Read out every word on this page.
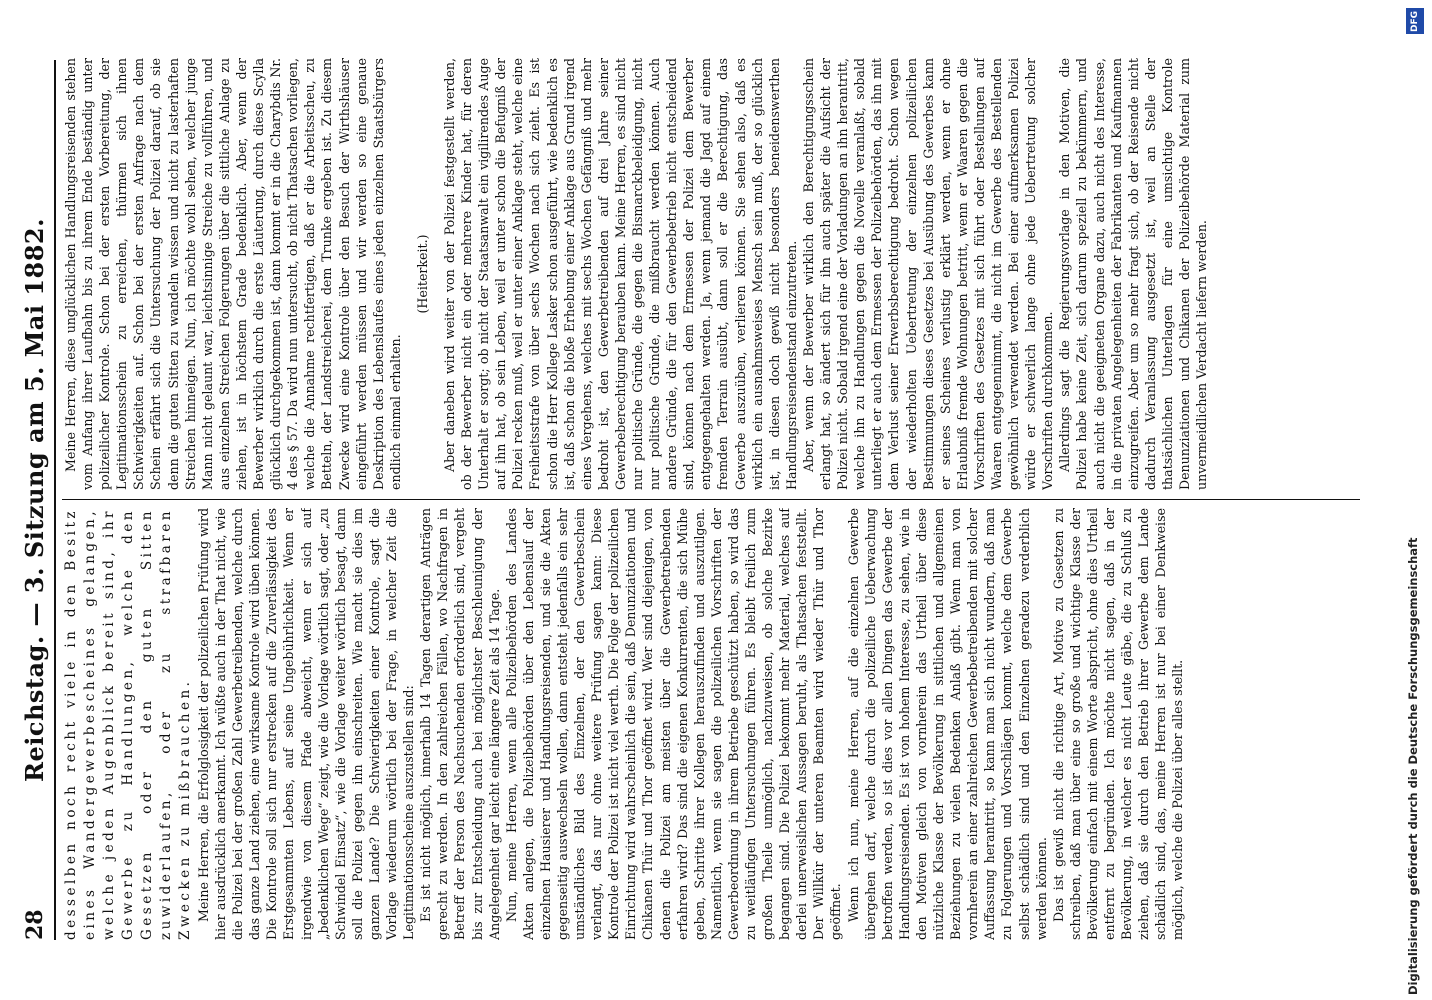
28
Reichstag. — 3. Sitzung am 5. Mai 1882. desselben noch recht viele in den Besitz eines Wandergewerbescheines gelangen, welche jeden Augenblick bereit sind, ihr Gewerbe zu Handlungen, welche den Gesetzen oder den guten Sitten zuwiderlaufen, oder zu strafbaren Zwecken zu mißbrauchen. Meine Herren, die Erfolglosigkeit der polizeilichen Prüfung wird hier ausdrücklich anerkannt. Ich wüßte auch in der That nicht, wie die Polizei bei der großen Zahl Gewerbetreibenden, welche durch das ganze Land ziehen, eine wirksame Kontrole wird üben können. Die Kontrole soll sich nur erstrecken auf die Zuverlässigkeit des Erstgesammten Lebens, auf seine Ungebührlichkeit. Wenn er irgendwie von diesem Pfade abweicht, wenn er sich auf „bedenklichen Wege“ zeigt, wie die Vorlage wörtlich sagt, oder „zu Schwindel Einsatz“, wie die Vorlage weiter wörtlich besagt, dann soll die Polizei gegen ihn einschreiten. Wie macht sie dies im ganzen Lande? Die Schwierigkeiten einer Kontrole, sagt die Vorlage wiederum wörtlich bei der Frage, in welcher Zeit die Legitimationsscheine auszustellen sind: Es ist nicht möglich, innerhalb 14 Tagen derartigen Anträgen gerecht zu werden. In den zahlreichen Fällen, wo Nachfragen in Betreff der Person des Nachsuchenden erforderlich sind, vergeht bis zur Entscheidung auch bei möglichster Beschleunigung der Angelegenheit gar leicht eine längere Zeit als 14 Tage. Nun, meine Herren, wenn alle Polizeibehörden des Landes Akten anlegen, die Polizeibehörden über den Lebenslauf der einzelnen Hausierer und Handlungsreisenden, und sie die Akten gegenseitig auswechseln wollen, dann entsteht jedenfalls ein sehr umständliches Bild des Einzelnen, der den Gewerbeschein verlangt, das nur ohne weitere Prüfung sagen kann: Diese Kontrole der Polizei ist nicht viel werth. Die Folge der polizeilichen Einrichtung wird wahrscheinlich die sein, daß Denunziationen und Chikanen Thür und Thor geöffnet wird. Wer sind diejenigen, von denen die Polizei am meisten über die Gewerbetreibenden erfahren wird? Das sind die eigenen Konkurrenten, die sich Mühe geben, Schritte ihrer Kollegen herauszufinden und auszutilgen. Namentlich, wenn sie sagen die polizeilichen Vorschriften der Gewerbeordnung in ihrem Betriebe geschützt haben, so wird das zu weitläufigen Untersuchungen führen. Es bleibt freilich zum großen Theile unmöglich, nachzuweisen, ob solche Bezirke begangen sind. Die Polizei bekommt mehr Material, welches auf derlei unerweislichen Aussagen beruht, als Thatsachen feststellt. Der Willkür der unteren Beamten wird wieder Thür und Thor geöffnet. Wenn ich nun, meine Herren, auf die einzelnen Gewerbe übergehen darf, welche durch die polizeiliche Ueberwachung betroffen werden, so ist dies vor allen Dingen das Gewerbe der Handlungsreisenden. Es ist von hohem Interesse, zu sehen, wie in den Motiven gleich von vornherein das Urtheil über diese nützliche Klasse der Bevölkerung in sittlichen und allgemeinen Beziehungen zu vielen Bedenken Anlaß gibt. Wenn man von vornherein an einer zahlreichen Gewerbebetreibenden mit solcher Auffassung herantritt, so kann man sich nicht wundern, daß man zu Folgerungen und Vorschlägen kommt, welche dem Gewerbe selbst schädlich sind und den Einzelnen geradezu verderblich werden können. Das ist gewiß nicht die richtige Art, Motive zu Gesetzen zu schreiben, daß man über eine so große und wichtige Klasse der Bevölkerung einfach mit einem Worte abspricht, ohne dies Urtheil entfernt zu begründen. Ich möchte nicht sagen, daß in der Bevölkerung, in welcher es nicht Leute gäbe, die zu Schluß zu ziehen, daß sie durch den Betrieb ihrer Gewerbe dem Lande schädlich sind, das, meine Herren ist nur bei einer Denkweise möglich, welche die Polizei über alles stellt.

Meine Herren, diese unglücklichen Handlungsreisenden stehen vom Anfang ihrer Laufbahn bis zu ihrem Ende beständig unter polizeilicher Kontrole. Schon bei der ersten Vorbereitung, der Legitimationsschein zu erreichen, thürmen sich ihnen Schwierigkeiten auf. Schon bei der ersten Anfrage nach dem Schein erfährt sich die Untersuchung der Polizei darauf, ob sie denn die guten Sitten zu wandeln wissen und nicht zu lasterhaften Streichen hinneigen. Nun, ich möchte wohl sehen, welcher junge Mann nicht gelaunt war, leichtsinnige Streiche zu vollführen, und aus einzelnen Streichen Folgerungen über die sittliche Anlage zu ziehen, ist in höchstem Grade bedenklich. Aber, wenn der Bewerber wirklich durch die erste Läuterung, durch diese Scylla glücklich durchgekommen ist, dann kommt er in die Charybdis Nr. 4 des § 57. Da wird nun untersucht, ob nicht Thatsachen vorliegen, welche die Annahme rechtfertigen, daß er die Arbeitsscheu, zu Betteln, der Landstreicherei, dem Trunke ergeben ist. Zu diesem Zwecke wird eine Kontrole über den Besuch der Wirthshäuser eingeführt werden müssen und wir werden so eine genaue Deskription des Lebenslaufes eines jeden einzelnen Staatsbürgers endlich einmal erhalten.

(Heiterkeit.) Aber daneben wird weiter von der Polizei festgestellt werden, ob der Bewerber nicht ein oder mehrere Kinder hat, für deren Unterhalt er sorgt; ob nicht der Staatsanwalt ein vigilirendes Auge auf ihn hat, ob sein Leben, weil er unter schon die Befugniß der Polizei recken muß, weil er unter einer Anklage steht, welche eine Freiheitsstrafe von über sechs Wochen nach sich zieht. Es ist schon die Herr Kollege Lasker schon ausgeführt, wie bedenklich es ist, daß schon die bloße Erhebung einer Anklage aus Grund irgend eines Vergehens, welches mit sechs Wochen Gefängniß und mehr bedroht ist, den Gewerbetreibenden auf drei Jahre seiner Gewerbeberechtigung berauben kann. Meine Herren, es sind nicht nur politische Gründe, die gegen die Bismarckbeleidigung, nicht nur politische Gründe, die mißbraucht werden können. Auch andere Gründe, die für den Gewerbebetrieb nicht entscheidend sind, können nach dem Ermessen der Polizei dem Bewerber entgegengehalten werden. Ja, wenn jemand die Jagd auf einem fremden Terrain ausübt, dann soll er die Berechtigung, das Gewerbe auszuüben, verlieren können. Sie sehen also, daß es wirklich ein ausnahmsweises Mensch sein muß, der so glücklich ist, in diesen doch gewiß nicht besonders beneidenswerthen Handlungsreisendenstand einzutreten. Aber, wenn der Bewerber wirklich den Berechtigungsschein erlangt hat, so ändert sich für ihn auch später die Aufsicht der Polizei nicht. Sobald irgend eine der Vorladungen an ihn herantritt, welche ihn zu Handlungen gegen die Novelle veranlaßt, sobald unterliegt er auch dem Ermessen der Polizeibehörden, das ihn mit dem Verlust seiner Erwerbsberechtigung bedroht. Schon wegen der wiederholten Uebertretung der einzelnen polizeilichen Bestimmungen dieses Gesetzes bei Ausübung des Gewerbes kann er seines Scheines verlustig erklärt werden, wenn er ohne Erlaubniß fremde Wohnungen betritt, wenn er Waaren gegen die Vorschriften des Gesetzes mit sich führt oder Bestellungen auf Waaren entgegennimmt, die nicht im Gewerbe des Bestellenden gewöhnlich verwendet werden. Bei einer aufmerksamen Polizei würde er schwerlich lange ohne jede Uebertretung solcher Vorschriften durchkommen. Allerdings sagt die Regierungsvorlage in den Motiven, die Polizei habe keine Zeit, sich darum speziell zu bekümmern, und auch nicht die geeigneten Organe dazu, auch nicht des Interesse, in die privaten Angelegenheiten der Fabrikanten und Kaufmannen einzugreifen. Aber um so mehr fragt sich, ob der Reisende nicht dadurch Veranlassung ausgesetzt ist, weil an Stelle der thatsächlichen Unterlagen für eine umsichtige Kontrole Denunziationen und Chikanen der Polizeibehörde Material zum unvermeidlichen Verdacht liefern werden.

Digitalisierung gefördert durch die Deutsche Forschungsgemeinschaft
DFG
